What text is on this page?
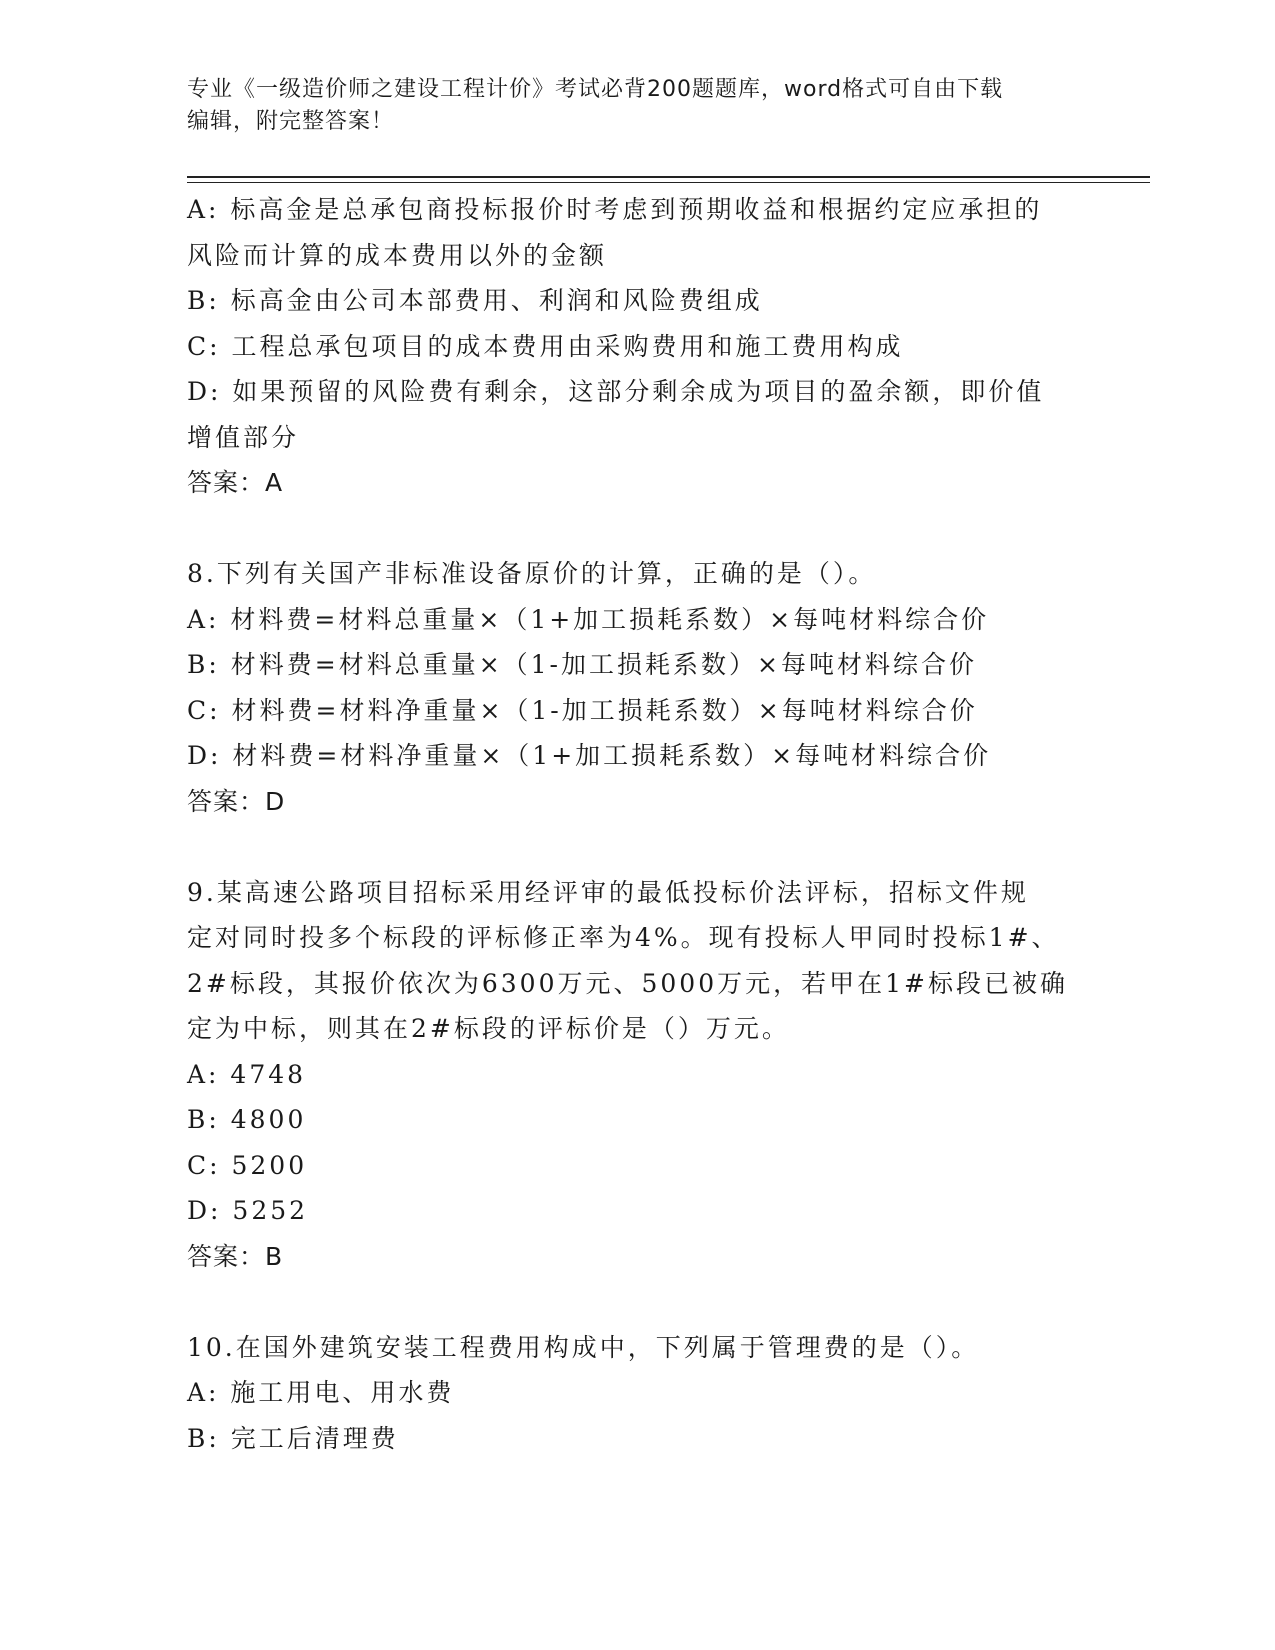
专业《一级造价师之建设工程计价》考试必背200题题库，word格式可自由下载
编辑，附完整答案！
A: 标高金是总承包商投标报价时考虑到预期收益和根据约定应承担的
风险而计算的成本费用以外的金额
B: 标高金由公司本部费用、利润和风险费组成
C: 工程总承包项目的成本费用由采购费用和施工费用构成
D: 如果预留的风险费有剩余，这部分剩余成为项目的盈余额，即价值
增值部分
答案：A
8.下列有关国产非标准设备原价的计算，正确的是（）。
A: 材料费=材料总重量×（1+加工损耗系数）×每吨材料综合价
B: 材料费=材料总重量×（1-加工损耗系数）×每吨材料综合价
C: 材料费=材料净重量×（1-加工损耗系数）×每吨材料综合价
D: 材料费=材料净重量×（1+加工损耗系数）×每吨材料综合价
答案：D
9.某高速公路项目招标采用经评审的最低投标价法评标，招标文件规
定对同时投多个标段的评标修正率为4%。现有投标人甲同时投标1#、
2#标段，其报价依次为6300万元、5000万元，若甲在1#标段已被确
定为中标，则其在2#标段的评标价是（）万元。
A: 4748
B: 4800
C: 5200
D: 5252
答案：B
10.在国外建筑安装工程费用构成中，下列属于管理费的是（）。
A: 施工用电、用水费
B: 完工后清理费
